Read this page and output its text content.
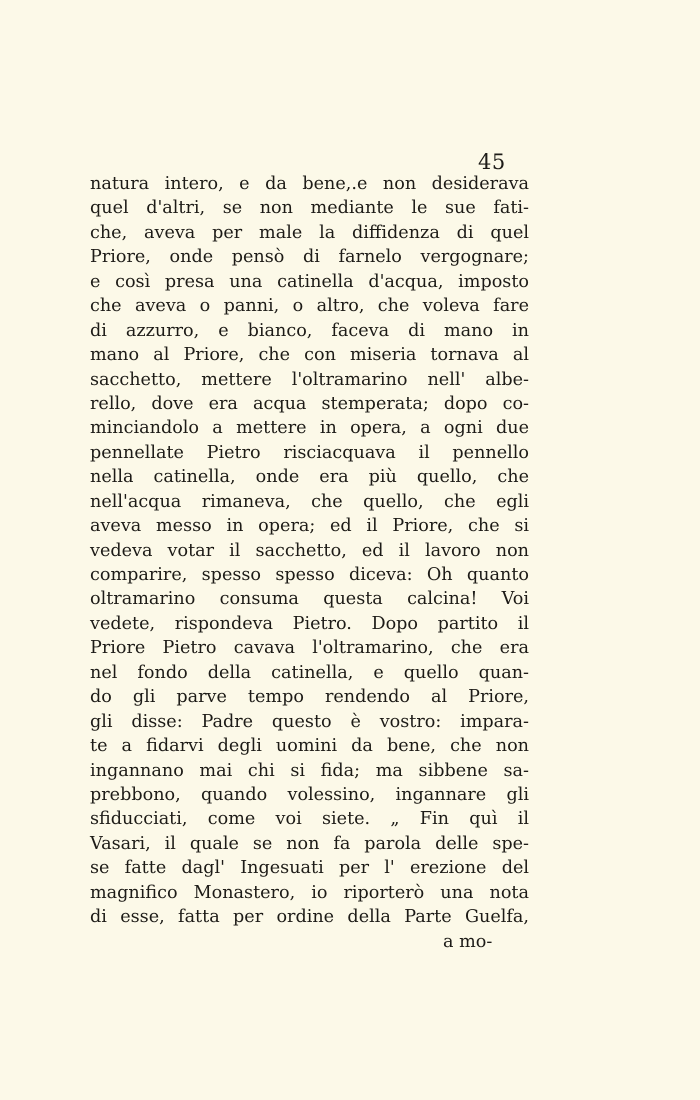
45
natura intero, e da bene,.e non desiderava
quel d'altri, se non mediante le sue fati-
che, aveva per male la diffidenza di quel
Priore, onde pensò di farnelo vergognare;
e così presa una catinella d'acqua, imposto
che aveva o panni, o altro, che voleva fare
di azzurro, e bianco, faceva di mano in
mano al Priore, che con miseria tornava al
sacchetto, mettere l'oltramarino nell' albe-
rello, dove era acqua stemperata; dopo co-
minciandolo a mettere in opera, a ogni due
pennellate Pietro risciacquava il pennello
nella catinella, onde era più quello, che
nell'acqua rimaneva, che quello, che egli
aveva messo in opera; ed il Priore, che si
vedeva votar il sacchetto, ed il lavoro non
comparire, spesso spesso diceva: Oh quanto
oltramarino consuma questa calcina! Voi
vedete, rispondeva Pietro. Dopo partito il
Priore Pietro cavava l'oltramarino, che era
nel fondo della catinella, e quello quan-
do gli parve tempo rendendo al Priore,
gli disse: Padre questo è vostro: impara-
te a fidarvi degli uomini da bene, che non
ingannano mai chi si fida; ma sibbene sa-
prebbono, quando volessino, ingannare gli
sfiducciati, come voi siete. „ Fin quì il
Vasari, il quale se non fa parola delle spe-
se fatte dagl' Ingesuati per l' erezione del
magnifico Monastero, io riporterò una nota
di esse, fatta per ordine della Parte Guelfa,
a mo-
